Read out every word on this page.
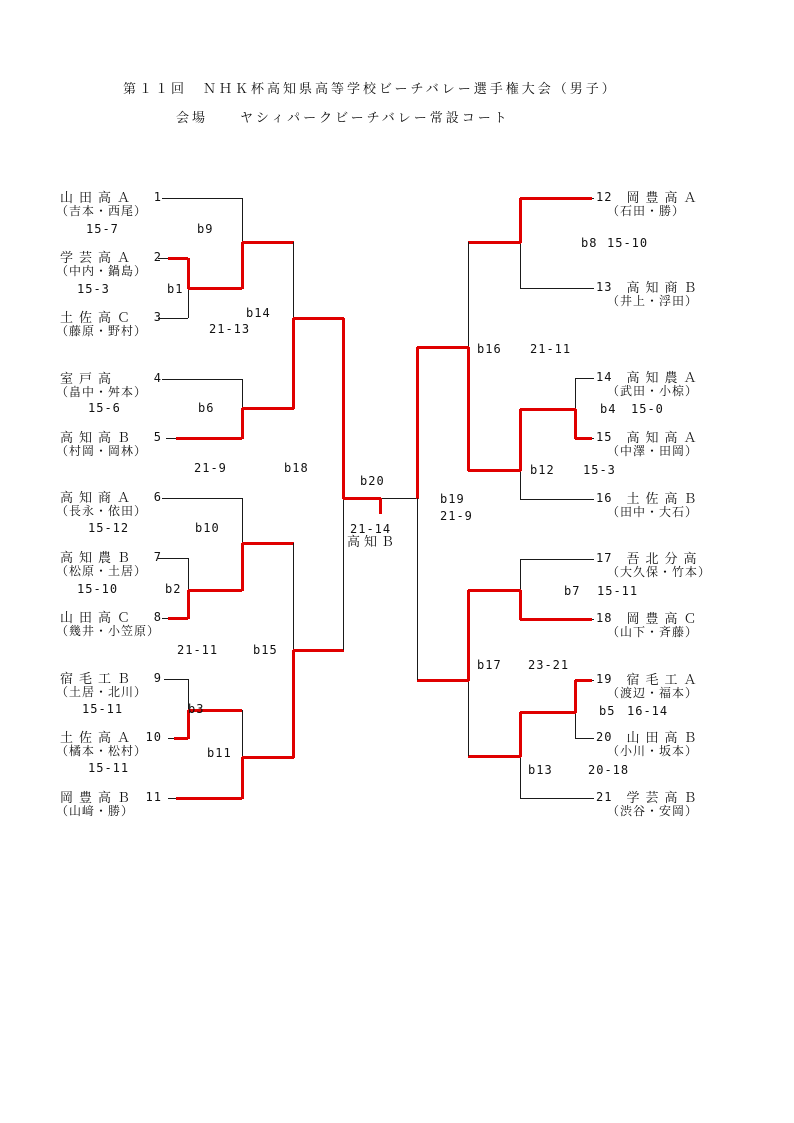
第１１回　ＮＨＫ杯高知県高等学校ビーチバレー選手権大会（男子）
会場　　ヤシィパークビーチバレー常設コート
山田高Ａ 1
（吉本・西尾）
学芸高Ａ 2
（中内・鍋島）
土佐高Ｃ 3
（藤原・野村）
室戸高	4
（畠中・舛本）
高知高Ｂ 5
（村岡・岡林）
高知商Ａ 6
（長永・依田）
高知農Ｂ 7
（松原・土居）
山田高Ｃ 8
（幾井・小笠原）
宿毛工Ｂ 9
（土居・北川）
土佐高Ａ 10
（橘本・松村）
岡豊高Ｂ 11
（山﨑・勝）
12 岡豊高Ａ
（石田・勝）
13 高知商Ｂ
（井上・浮田）
14 高知農Ａ
（武田・小椋）
15 高知高Ａ
（中澤・田岡）
16 土佐高Ｂ
（田中・大石）
17 吾北分高
（大久保・竹本）
18 岡豊高Ｃ
（山下・斉藤）
19 宿毛工Ａ
（渡辺・福本）
20 山田高Ｂ
（小川・坂本）
21 学芸高Ｂ
（渋谷・安岡）
15-7	b9
15-3	b1
b14
21-13
15-6	b6
21-9	b18
15-12	b10
15-10	b2
21-11	b15
15-11	b3
b11
15-11
b20
21-14
高知Ｂ
b19
21-9
b8 15-10
b16 21-11
b4 15-0
b12 15-3
b7 15-11
b17 23-21
b5 16-14
b13	20-18
